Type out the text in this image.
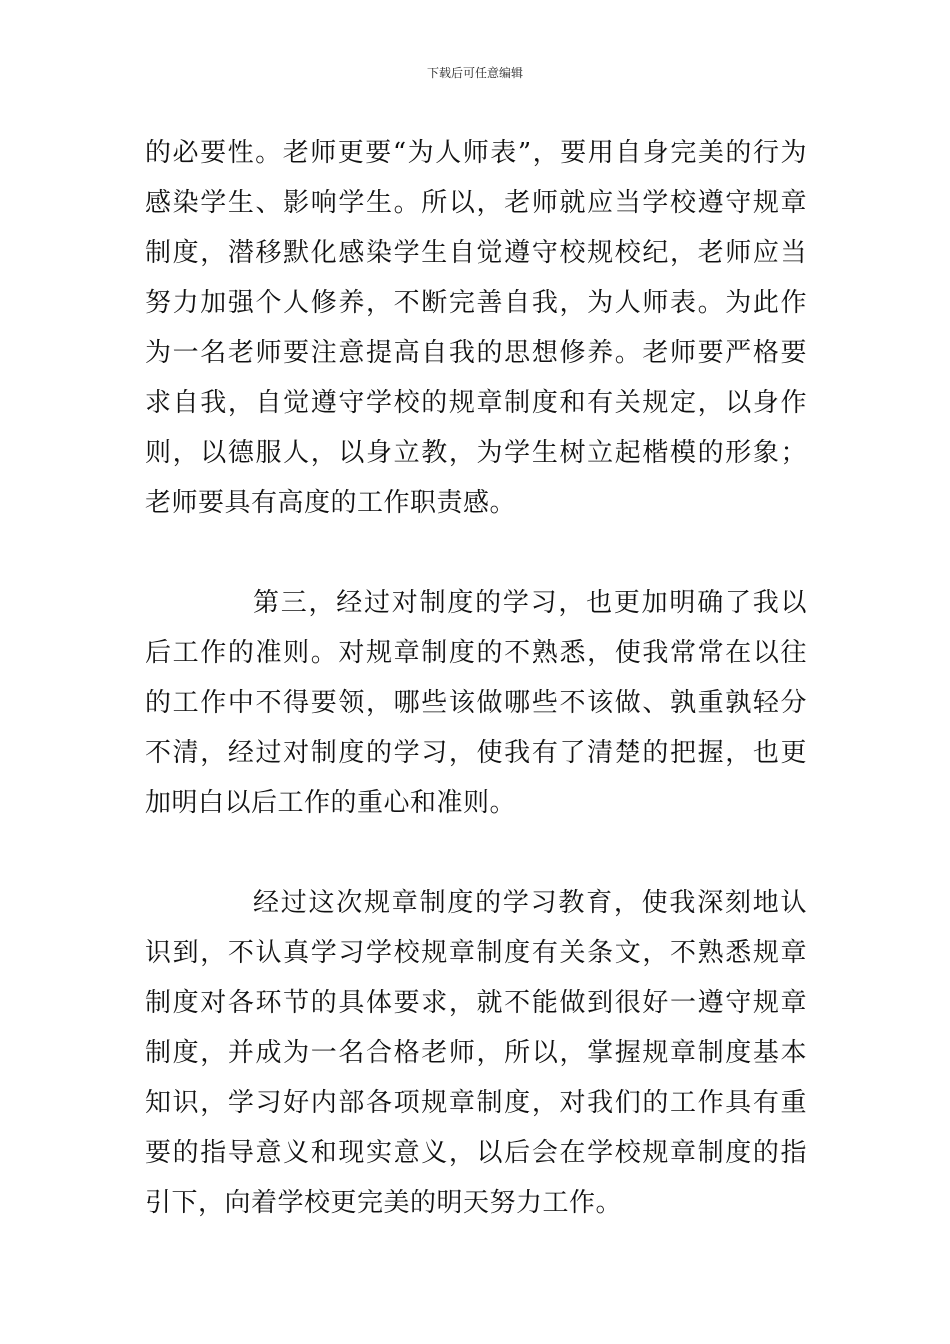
下载后可任意编辑

的必要性。老师更要“为人师表”，要用自身完美的行为感染学生、影响学生。所以，老师就应当学校遵守规章制度，潜移默化感染学生自觉遵守校规校纪，老师应当努力加强个人修养，不断完善自我，为人师表。为此作为一名老师要注意提高自我的思想修养。老师要严格要求自我，自觉遵守学校的规章制度和有关规定，以身作则，以德服人，以身立教，为学生树立起楷模的形象；老师要具有高度的工作职责感。

第三，经过对制度的学习，也更加明确了我以后工作的准则。对规章制度的不熟悉，使我常常在以往的工作中不得要领，哪些该做哪些不该做、孰重孰轻分不清，经过对制度的学习，使我有了清楚的把握，也更加明白以后工作的重心和准则。

经过这次规章制度的学习教育，使我深刻地认识到，不认真学习学校规章制度有关条文，不熟悉规章制度对各环节的具体要求，就不能做到很好一遵守规章制度，并成为一名合格老师，所以，掌握规章制度基本知识，学习好内部各项规章制度，对我们的工作具有重要的指导意义和现实意义，以后会在学校规章制度的指引下，向着学校更完美的明天努力工作。
